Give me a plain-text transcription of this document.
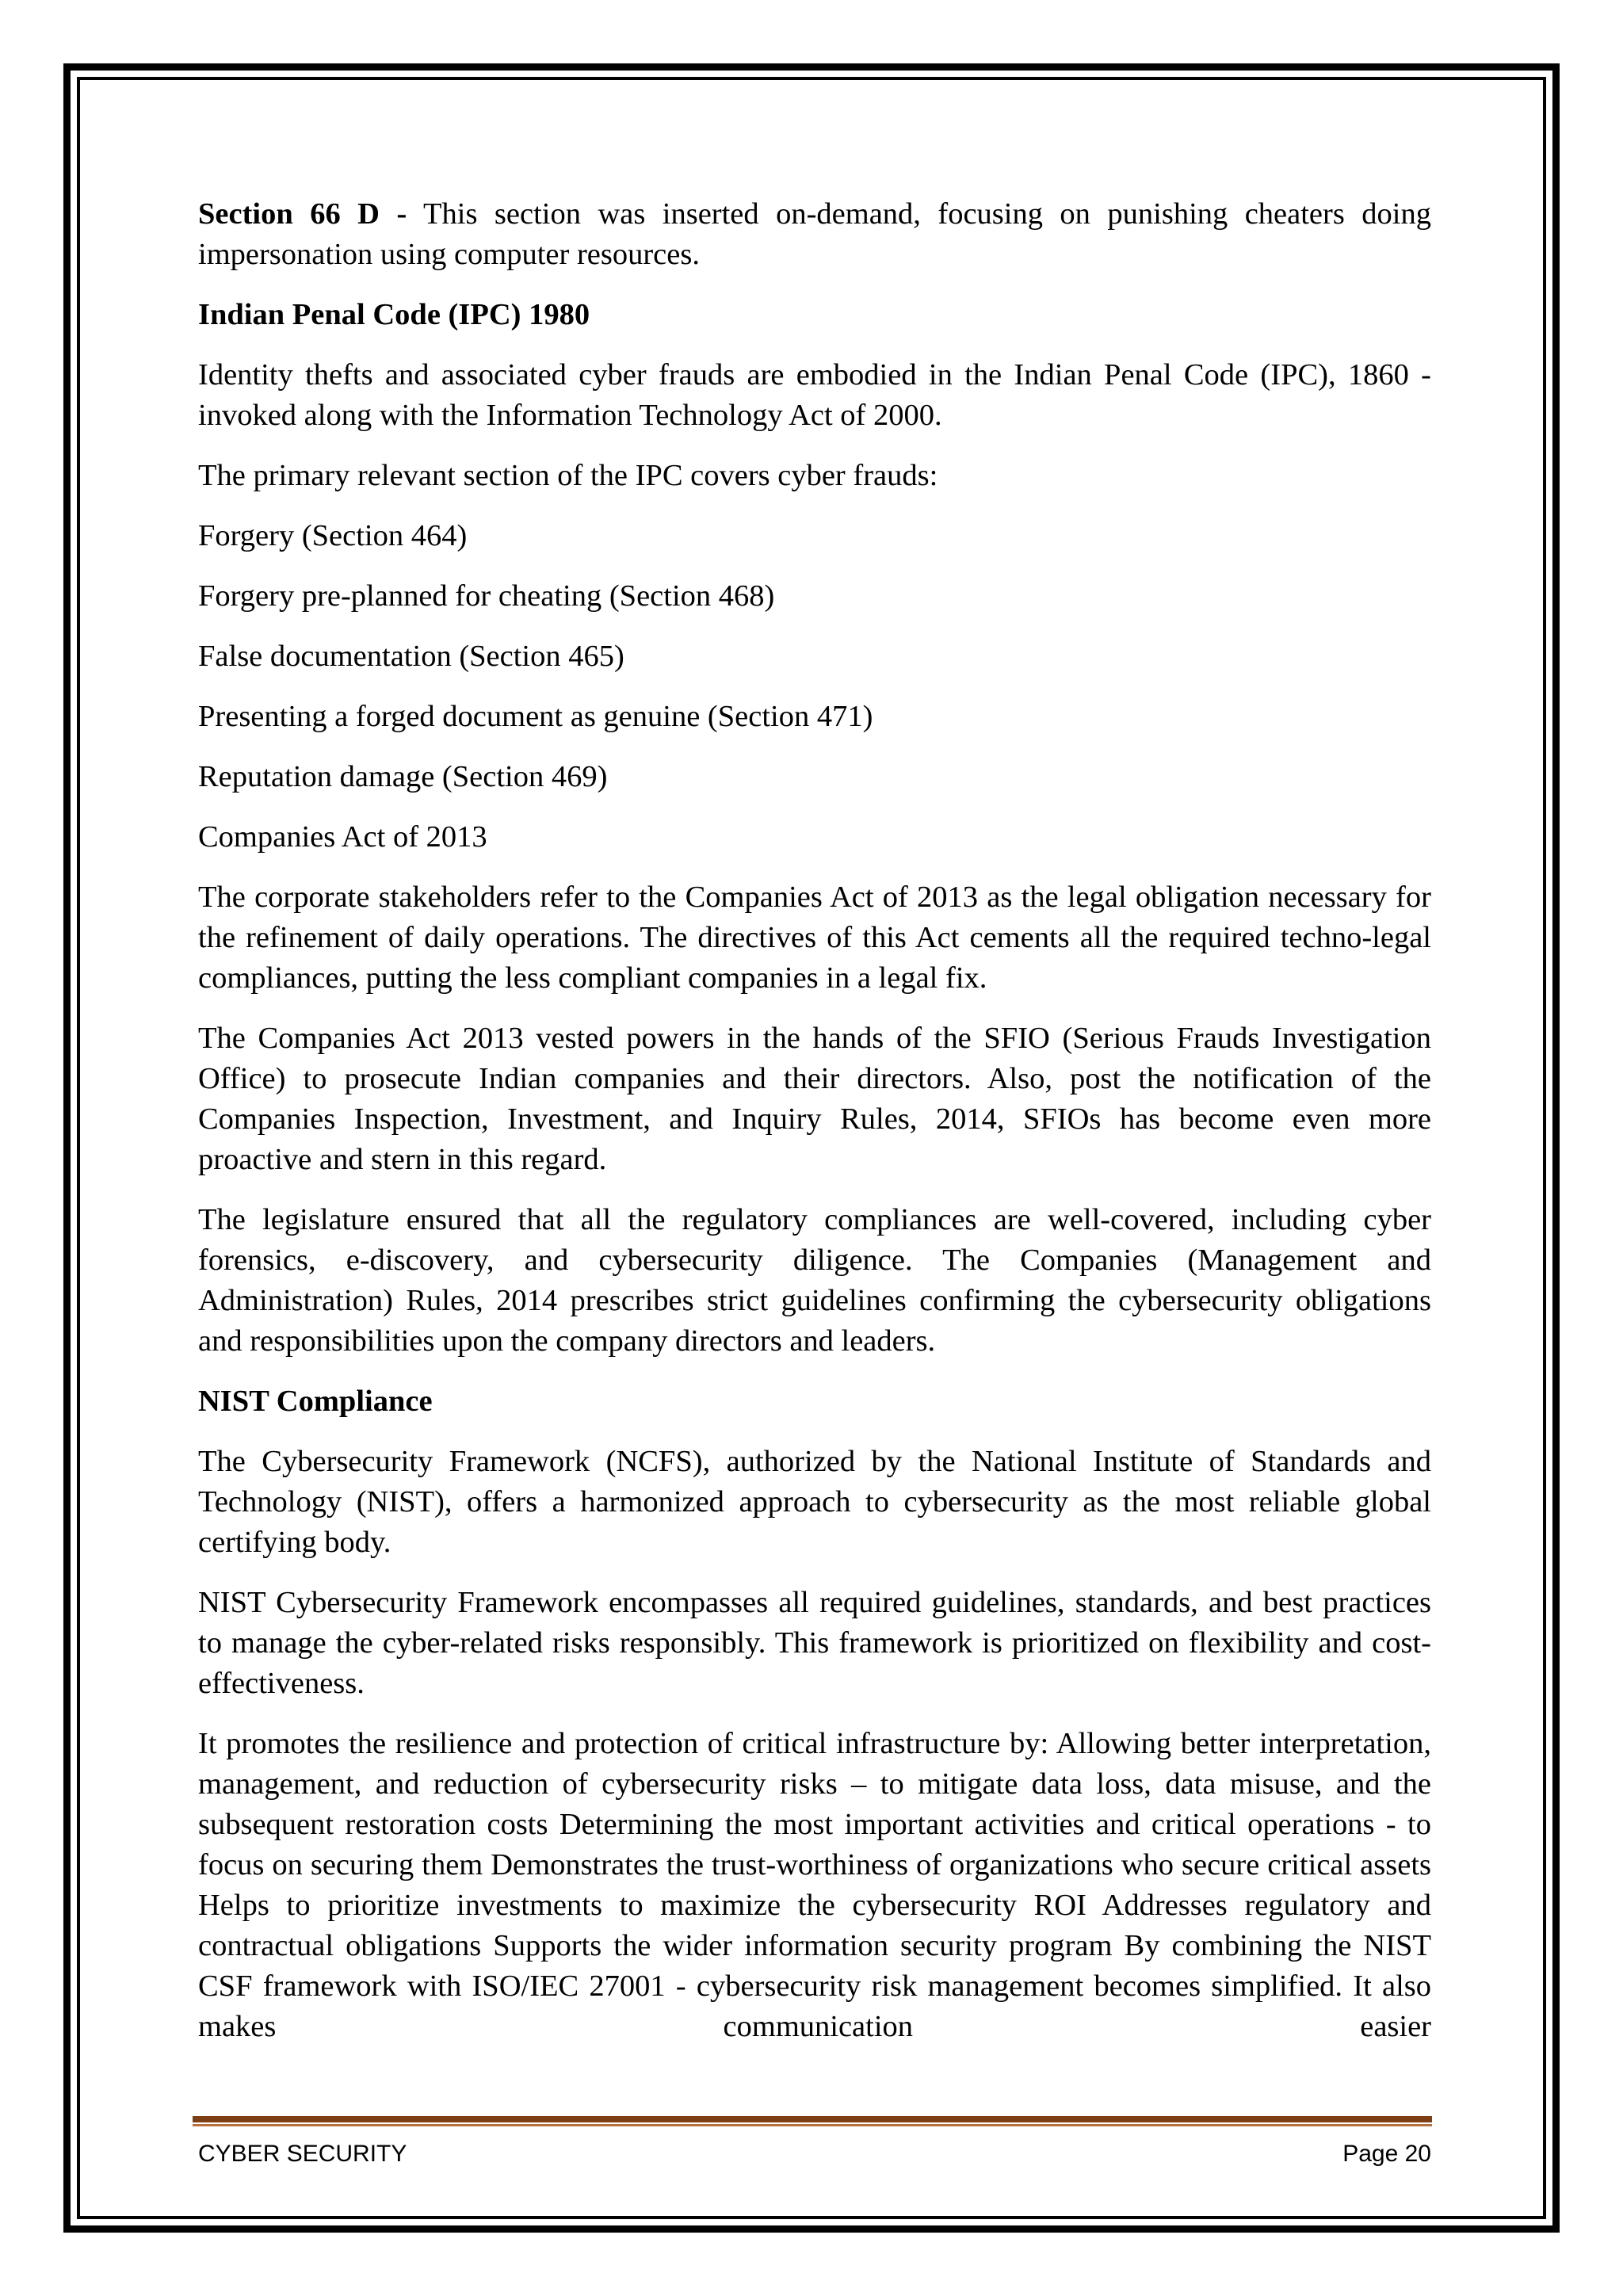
Section 66 D - This section was inserted on-demand, focusing on punishing cheaters doing impersonation using computer resources.

Indian Penal Code (IPC) 1980

Identity thefts and associated cyber frauds are embodied in the Indian Penal Code (IPC), 1860 - invoked along with the Information Technology Act of 2000.

The primary relevant section of the IPC covers cyber frauds:

Forgery (Section 464)

Forgery pre-planned for cheating (Section 468)

False documentation (Section 465)

Presenting a forged document as genuine (Section 471)

Reputation damage (Section 469)

Companies Act of 2013

The corporate stakeholders refer to the Companies Act of 2013 as the legal obligation necessary for the refinement of daily operations. The directives of this Act cements all the required techno-legal compliances, putting the less compliant companies in a legal fix.

The Companies Act 2013 vested powers in the hands of the SFIO (Serious Frauds Investigation Office) to prosecute Indian companies and their directors. Also, post the notification of the Companies Inspection, Investment, and Inquiry Rules, 2014, SFIOs has become even more proactive and stern in this regard.

The legislature ensured that all the regulatory compliances are well-covered, including cyber forensics, e-discovery, and cybersecurity diligence. The Companies (Management and Administration) Rules, 2014 prescribes strict guidelines confirming the cybersecurity obligations and responsibilities upon the company directors and leaders.

NIST Compliance

The Cybersecurity Framework (NCFS), authorized by the National Institute of Standards and Technology (NIST), offers a harmonized approach to cybersecurity as the most reliable global certifying body.

NIST Cybersecurity Framework encompasses all required guidelines, standards, and best practices to manage the cyber-related risks responsibly. This framework is prioritized on flexibility and cost-effectiveness.

It promotes the resilience and protection of critical infrastructure by: Allowing better interpretation, management, and reduction of cybersecurity risks – to mitigate data loss, data misuse, and the subsequent restoration costs Determining the most important activities and critical operations - to focus on securing them Demonstrates the trust-worthiness of organizations who secure critical assets Helps to prioritize investments to maximize the cybersecurity ROI Addresses regulatory and contractual obligations Supports the wider information security program By combining the NIST CSF framework with ISO/IEC 27001 - cybersecurity risk management becomes simplified. It also makes communication easier

CYBER SECURITY	Page 20
